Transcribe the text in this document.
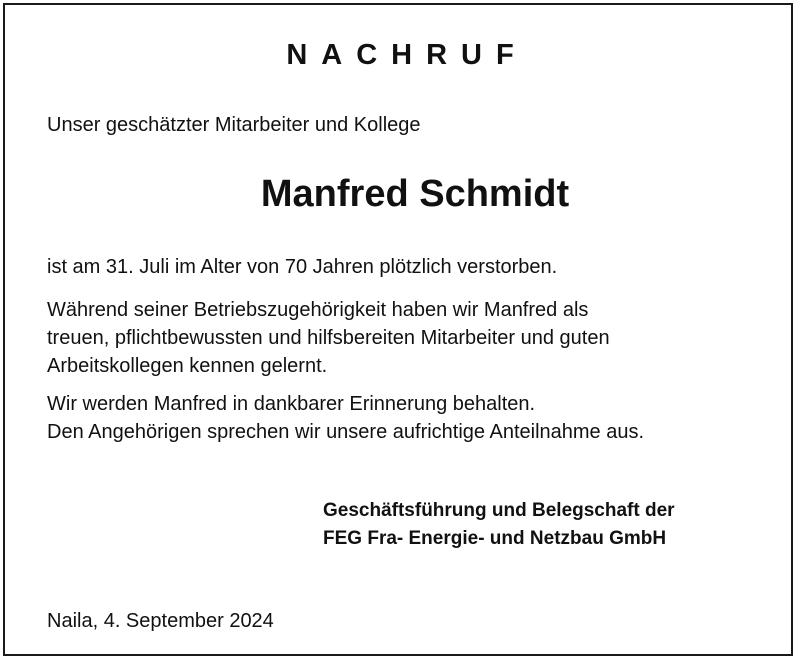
NACHRUF
Unser geschätzter Mitarbeiter und Kollege
Manfred Schmidt
ist am 31. Juli im Alter von 70 Jahren plötzlich verstorben.
Während seiner Betriebszugehörigkeit haben wir Manfred als
treuen, pflichtbewussten und hilfsbereiten Mitarbeiter und guten
Arbeitskollegen kennen gelernt.
Wir werden Manfred in dankbarer Erinnerung behalten.
Den Angehörigen sprechen wir unsere aufrichtige Anteilnahme aus.
Geschäftsführung und Belegschaft der
FEG Fra- Energie- und Netzbau GmbH
Naila, 4. September 2024
